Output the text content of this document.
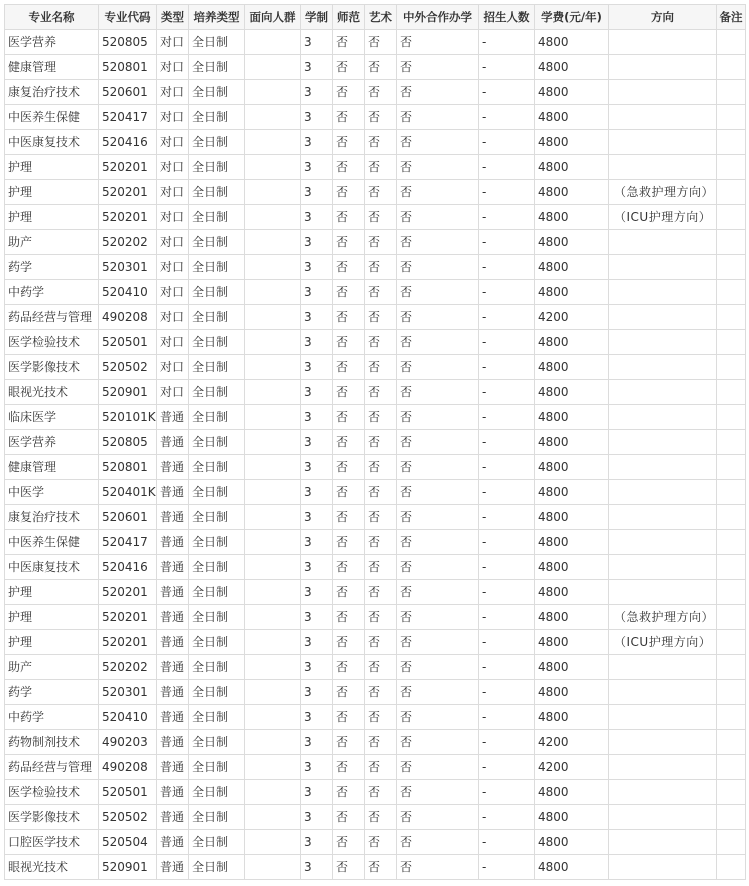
专业名称	专业代码	类型	培养类型	面向人群	学制	师范	艺术	中外合作办学	招生人数	学费(元/年)	方向	备注
医学营养	520805	对口	全日制		3	否	否	否	-	4800		
健康管理	520801	对口	全日制		3	否	否	否	-	4800		
康复治疗技术	520601	对口	全日制		3	否	否	否	-	4800		
中医养生保健	520417	对口	全日制		3	否	否	否	-	4800		
中医康复技术	520416	对口	全日制		3	否	否	否	-	4800		
护理	520201	对口	全日制		3	否	否	否	-	4800		
护理	520201	对口	全日制		3	否	否	否	-	4800	（急救护理方向）	
护理	520201	对口	全日制		3	否	否	否	-	4800	（ICU护理方向）	
助产	520202	对口	全日制		3	否	否	否	-	4800		
药学	520301	对口	全日制		3	否	否	否	-	4800		
中药学	520410	对口	全日制		3	否	否	否	-	4800		
药品经营与管理	490208	对口	全日制		3	否	否	否	-	4200		
医学检验技术	520501	对口	全日制		3	否	否	否	-	4800		
医学影像技术	520502	对口	全日制		3	否	否	否	-	4800		
眼视光技术	520901	对口	全日制		3	否	否	否	-	4800		
临床医学	520101K	普通	全日制		3	否	否	否	-	4800		
医学营养	520805	普通	全日制		3	否	否	否	-	4800		
健康管理	520801	普通	全日制		3	否	否	否	-	4800		
中医学	520401K	普通	全日制		3	否	否	否	-	4800		
康复治疗技术	520601	普通	全日制		3	否	否	否	-	4800		
中医养生保健	520417	普通	全日制		3	否	否	否	-	4800		
中医康复技术	520416	普通	全日制		3	否	否	否	-	4800		
护理	520201	普通	全日制		3	否	否	否	-	4800		
护理	520201	普通	全日制		3	否	否	否	-	4800	（急救护理方向）	
护理	520201	普通	全日制		3	否	否	否	-	4800	（ICU护理方向）	
助产	520202	普通	全日制		3	否	否	否	-	4800		
药学	520301	普通	全日制		3	否	否	否	-	4800		
中药学	520410	普通	全日制		3	否	否	否	-	4800		
药物制剂技术	490203	普通	全日制		3	否	否	否	-	4200		
药品经营与管理	490208	普通	全日制		3	否	否	否	-	4200		
医学检验技术	520501	普通	全日制		3	否	否	否	-	4800		
医学影像技术	520502	普通	全日制		3	否	否	否	-	4800		
口腔医学技术	520504	普通	全日制		3	否	否	否	-	4800		
眼视光技术	520901	普通	全日制		3	否	否	否	-	4800		
